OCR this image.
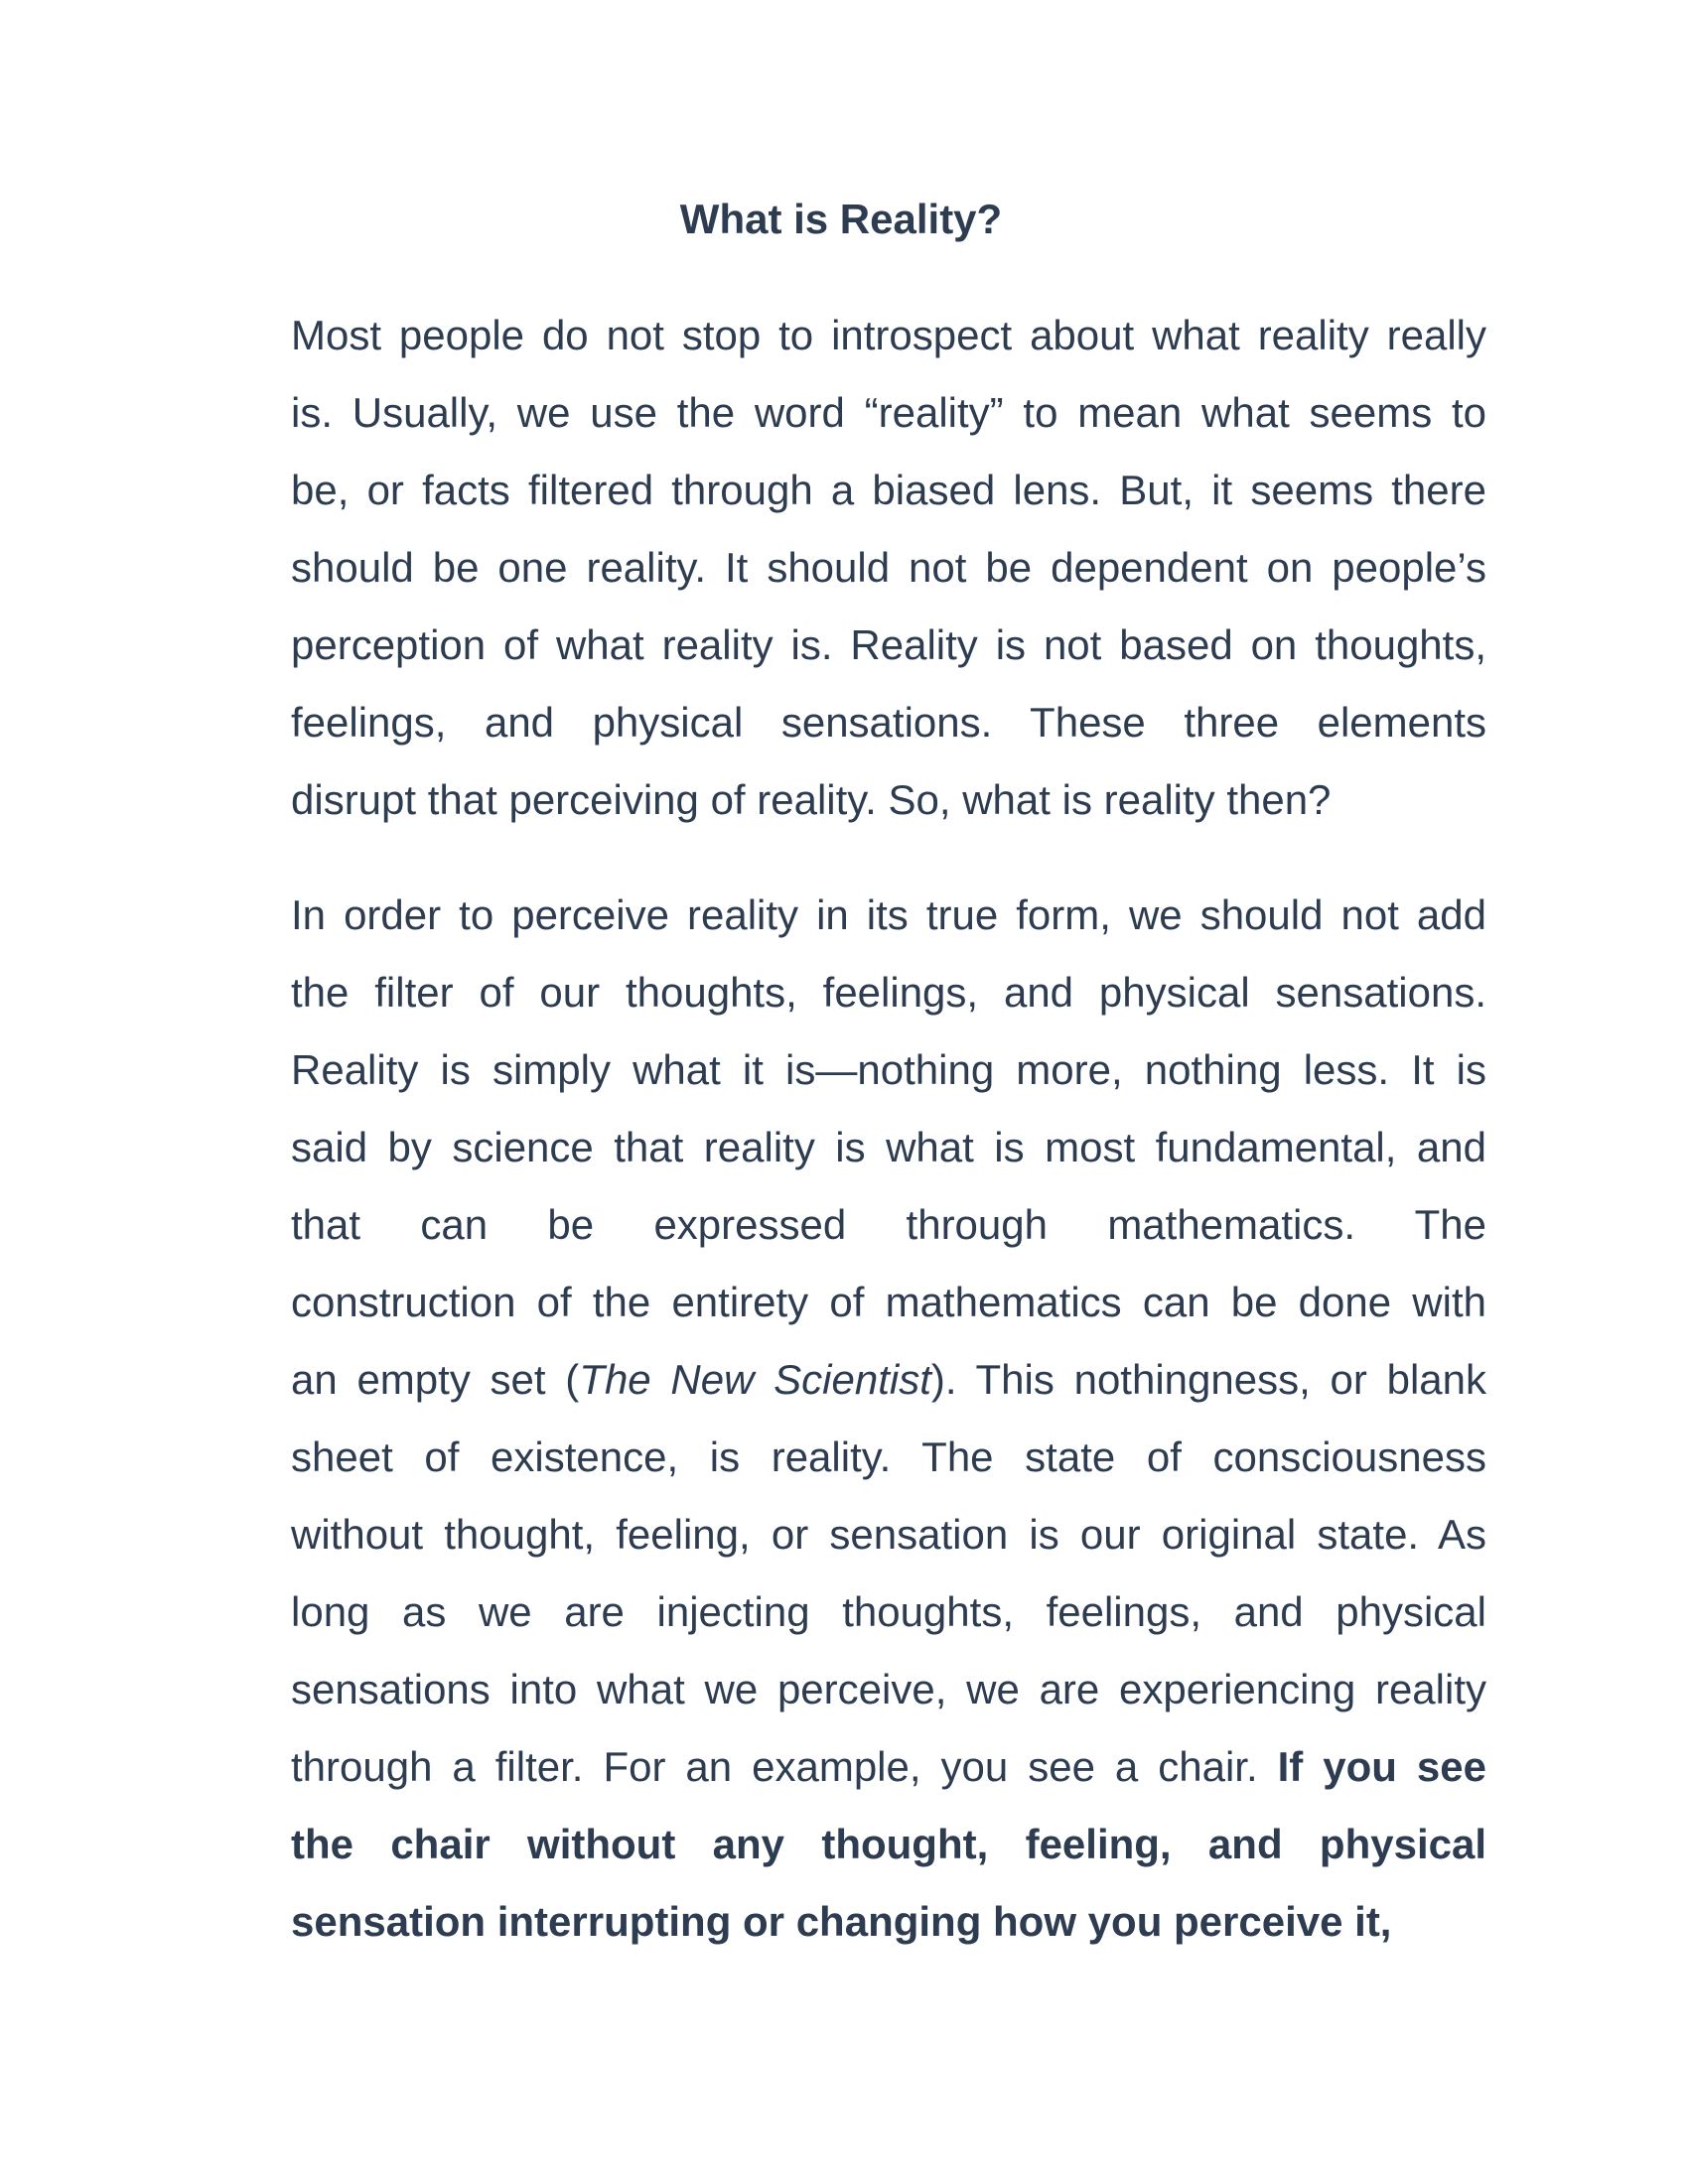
What is Reality?
Most people do not stop to introspect about what reality really
is. Usually, we use the word “reality” to mean what seems to
be, or facts filtered through a biased lens. But, it seems there
should be one reality. It should not be dependent on people’s
perception of what reality is. Reality is not based on thoughts,
feelings, and physical sensations. These three elements
disrupt that perceiving of reality. So, what is reality then?
In order to perceive reality in its true form, we should not add
the filter of our thoughts, feelings, and physical sensations.
Reality is simply what it is—nothing more, nothing less. It is
said by science that reality is what is most fundamental, and
that can be expressed through mathematics. The
construction of the entirety of mathematics can be done with
an empty set (The New Scientist). This nothingness, or blank
sheet of existence, is reality. The state of consciousness
without thought, feeling, or sensation is our original state. As
long as we are injecting thoughts, feelings, and physical
sensations into what we perceive, we are experiencing reality
through a filter. For an example, you see a chair. If you see
the chair without any thought, feeling, and physical
sensation interrupting or changing how you perceive it,
